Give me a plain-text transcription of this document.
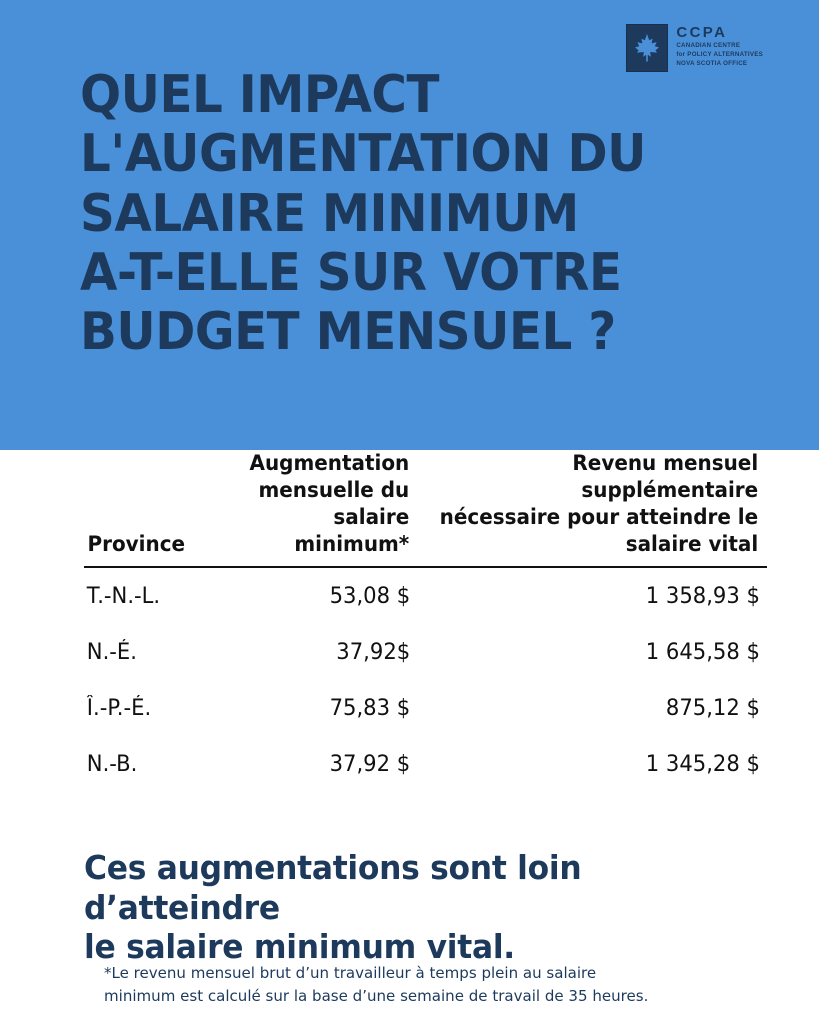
CCPA
CANADIAN CENTRE
for POLICY ALTERNATIVES
NOVA SCOTIA OFFICE
QUEL IMPACT
L'AUGMENTATION DU
SALAIRE MINIMUM
A-T-ELLE SUR VOTRE
BUDGET MENSUEL ?
Province	
Augmentation
mensuelle du
salaire minimum*

Revenu mensuel supplémentaire
nécessaire pour atteindre le
salaire vital

T.-N.-L.	53,08 $	1 358,93 $
N.-É.	37,92$	1 645,58 $
Î.-P.-É.	75,83 $	875,12 $
N.-B.	37,92 $	1 345,28 $
Ces augmentations sont loin d’atteindre
le salaire minimum vital.
*Le revenu mensuel brut d’un travailleur à temps plein au salaire
minimum est calculé sur la base d’une semaine de travail de 35 heures.
